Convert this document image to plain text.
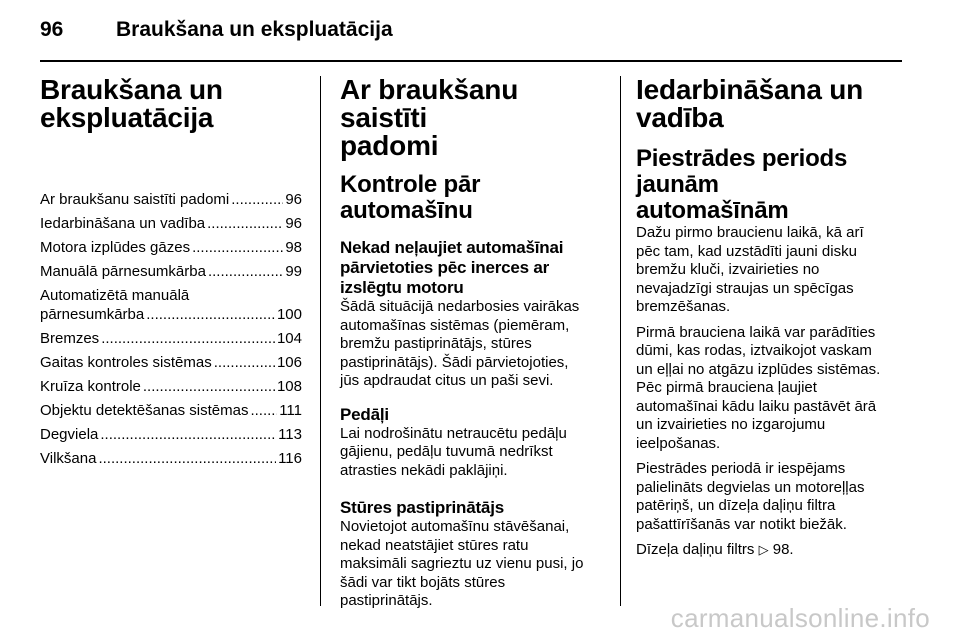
96	Braukšana un ekspluatācija
Braukšana un
ekspluatācija
Ar braukšanu saistīti padomi .....	96
Iedarbināšana un vadība .....	96
Motora izplūdes gāzes .....	98
Manuālā pārnesumkārba .....	99
Automatizētā manuālā
pārnesumkārba .....	100
Bremzes .....	104
Gaitas kontroles sistēmas .....	106
Kruīza kontrole .....	108
Objektu detektēšanas sistēmas ..... 111
Degviela .....	113
Vilkšana .....	116
Ar braukšanu saistīti
padomi
Kontrole pār automašīnu
Nekad neļaujiet automašīnai
pārvietoties pēc inerces ar
izslēgtu motoru

Šādā situācijā nedarbosies vairākas
automašīnas sistēmas (piemēram,
bremžu pastiprinātājs, stūres
pastiprinātājs). Šādi pārvietojoties,
jūs apdraudat citus un paši sevi.

Pedāļi

Lai nodrošinātu netraucētu pedāļu
gājienu, pedāļu tuvumā nedrīkst
atrasties nekādi paklājiņi.

Stūres pastiprinātājs

Novietojot automašīnu stāvēšanai,
nekad neatstājiet stūres ratu
maksimāli sagrieztu uz vienu pusi, jo
šādi var tikt bojāts stūres
pastiprinātājs.

Iedarbināšana un
vadība
Piestrādes periods jaunām
automašīnām

Dažu pirmo braucienu laikā, kā arī
pēc tam, kad uzstādīti jauni disku
bremžu kluči, izvairieties no
nevajadzīgi straujas un spēcīgas
bremzēšanas.

Pirmā brauciena laikā var parādīties
dūmi, kas rodas, iztvaikojot vaskam
un eļļai no atgāzu izplūdes sistēmas.
Pēc pirmā brauciena ļaujiet
automašīnai kādu laiku pastāvēt ārā
un izvairieties no izgarojumu
ieelpošanas.

Piestrādes periodā ir iespējams
palielināts degvielas un motoreļļas
patēriņš, un dīzeļa daļiņu filtra
pašattīrīšanās var notikt biežāk.

Dīzeļa daļiņu filtrs ▷ 98.

carmanualsonline.info
